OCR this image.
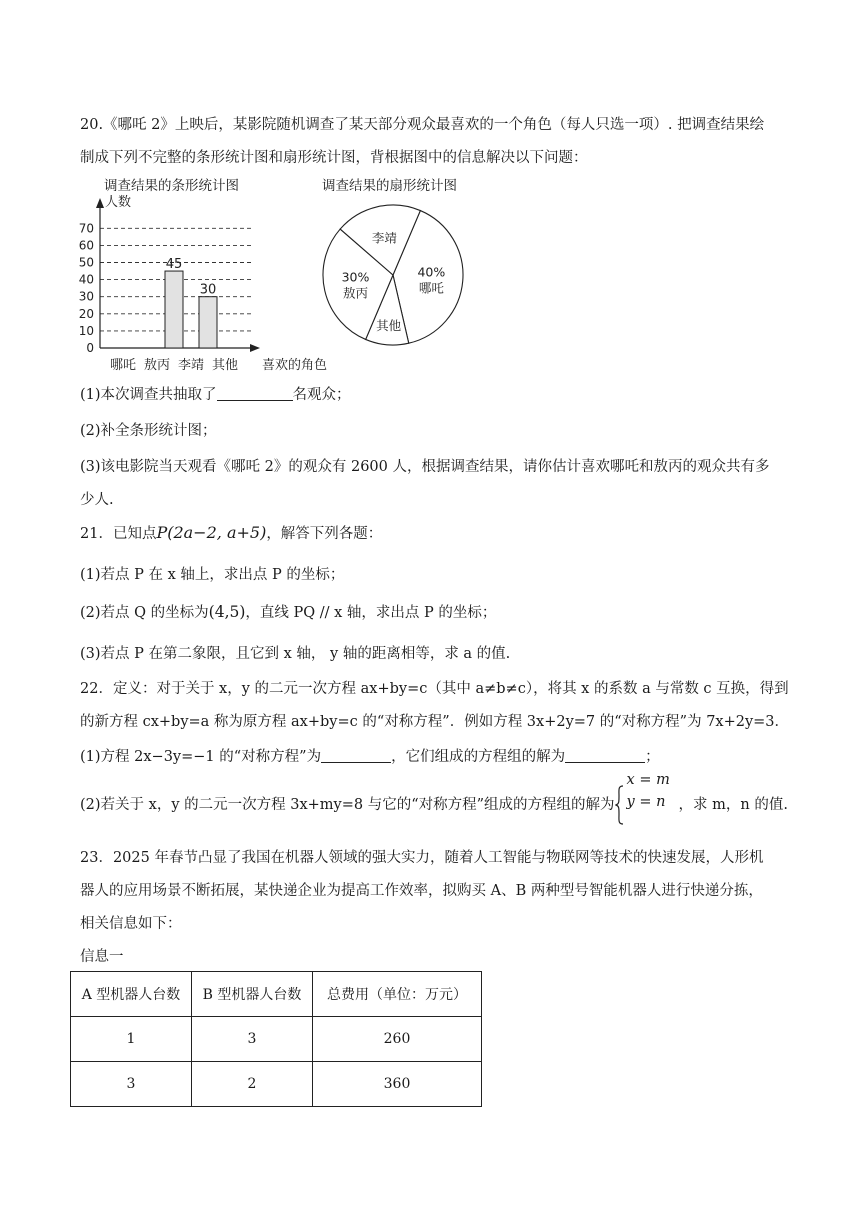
20.《哪吒 2》上映后，某影院随机调查了某天部分观众最喜欢的一个角色（每人只选一项）. 把调查结果绘
制成下列不完整的条形统计图和扇形统计图，背根据图中的信息解决以下问题：
调查结果的条形统计图	调查结果的扇形统计图
0
10
20
30
40
50
60
70
人数
喜欢的角色
哪吒 敖丙
45
李靖
30
其他
40%
哪吒
其他
30%
敖丙
李靖
(1)本次调查共抽取了	名观众；
(2)补全条形统计图；
(3)该电影院当天观看《哪吒 2》的观众有 2600 人，根据调查结果，请你估计喜欢哪吒和敖丙的观众共有多
少人.
21．已知点P(2a−2, a+5)，解答下列各题：
(1)若点 P 在 x 轴上，求出点 P 的坐标；
(2)若点 Q 的坐标为(4,5)，直线 PQ // x 轴，求出点 P 的坐标；
(3)若点 P 在第二象限，且它到 x 轴， y 轴的距离相等，求 a 的值.
22．定义：对于关于 x，y 的二元一次方程 ax+by=c（其中 a≠b≠c），将其 x 的系数 a 与常数 c 互换，得到
的新方程 cx+by=a 称为原方程 ax+by=c 的“对称方程”．例如方程 3x+2y=7 的“对称方程”为 7x+2y=3．
(1)方程 2x−3y=−1 的“对称方程”为	，它们组成的方程组的解为	；
(2)若关于 x，y 的二元一次方程 3x+my=8 与它的“对称方程”组成的方程组的解为
x = m
y = n ，求 m，n 的值.
23．2025 年春节凸显了我国在机器人领域的强大实力，随着人工智能与物联网等技术的快速发展，人形机
器人的应用场景不断拓展，某快递企业为提高工作效率，拟购买 A、B 两种型号智能机器人进行快递分拣，
相关信息如下：
信息一
A 型机器人台数	B 型机器人台数	总费用（单位：万元）
1	3	260
3	2	360
